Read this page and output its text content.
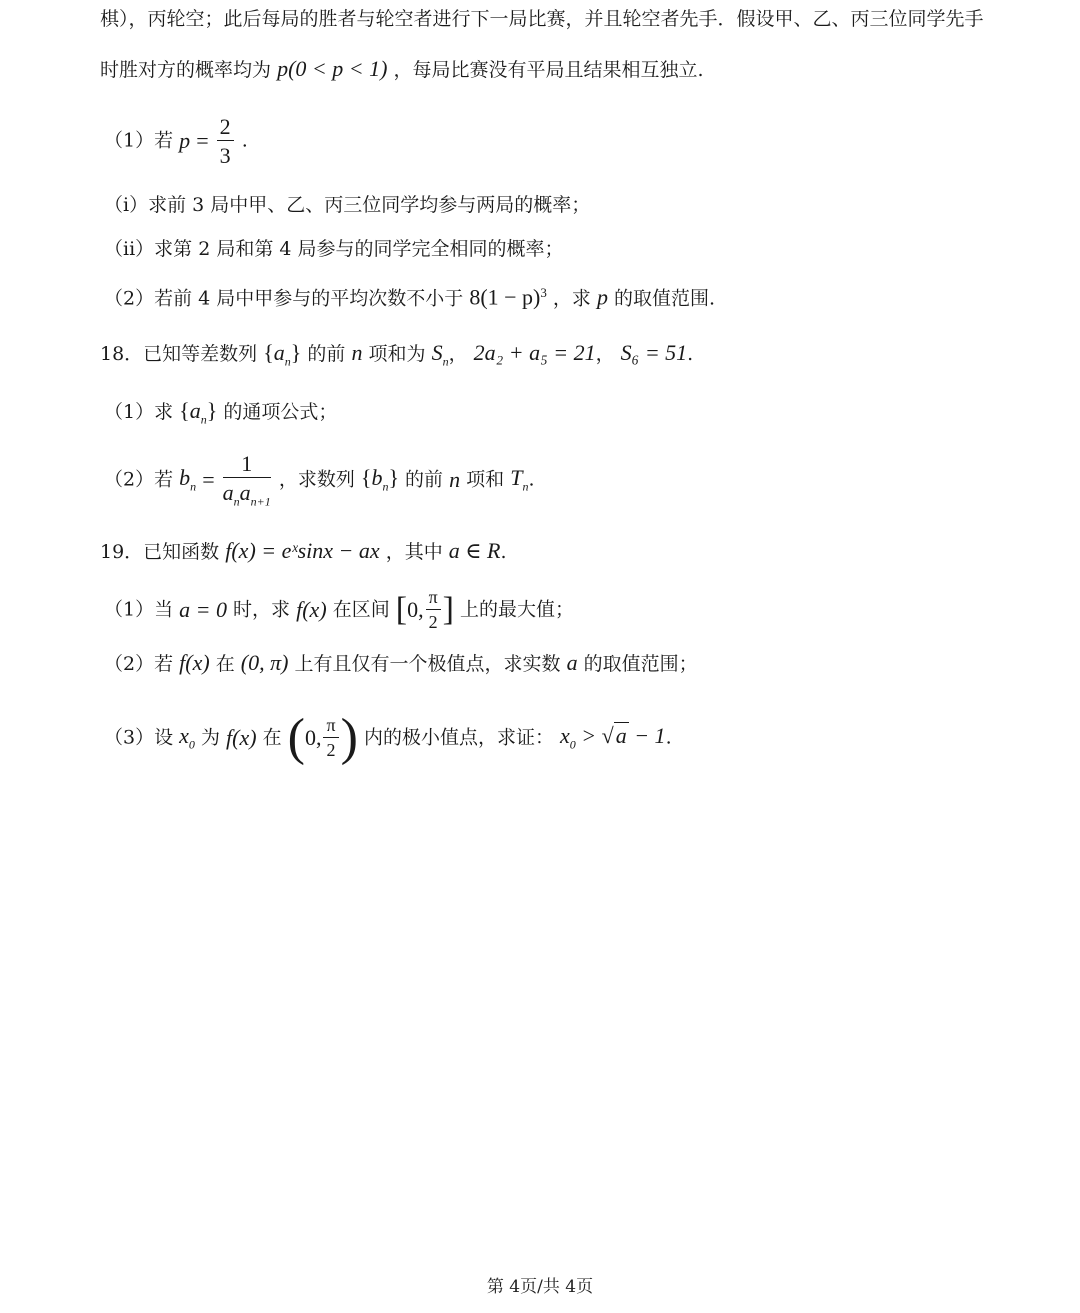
棋），丙轮空；此后每局的胜者与轮空者进行下一局比赛，并且轮空者先手．假设甲、乙、丙三位同学先手
时胜对方的概率均为 p(0 < p < 1) ，每局比赛没有平局且结果相互独立.
（1）若 $p = \frac{2}{3}$ .
（i）求前 3 局中甲、乙、丙三位同学均参与两局的概率；
（ii）求第 2 局和第 4 局参与的同学完全相同的概率；
（2）若前 4 局中甲参与的平均次数不小于 $8(1 - p)^3$ ，求 p 的取值范围.
18．已知等差数列 $\{a_n\}$ 的前 n 项和为 $S_n$， 2a₂ + a₅ = 21， S₆ = 51.
（1）求 $\{a_n\}$ 的通项公式；
（2）若 $b_n = \frac{1}{a_na_{n+1}}$ ，求数列 $\{b_n\}$ 的前 n 项和 $T_n$.
19．已知函数 f(x) = eˣsinx − ax ，其中 a ∈ R.
（1）当 a = 0 时，求 f(x) 在区间 [0, $\frac{\pi}{2}$ ] 上的最大值；
（2）若 f(x) 在 (0, π) 上有且仅有一个极值点，求实数 a 的取值范围；
（3）设 $x_0$ 为 f(x) 在 (0, $\frac{\pi}{2}$ ) 内的极小值点，求证： $x_0 > √a - 1$.
第 4页/共 4页
